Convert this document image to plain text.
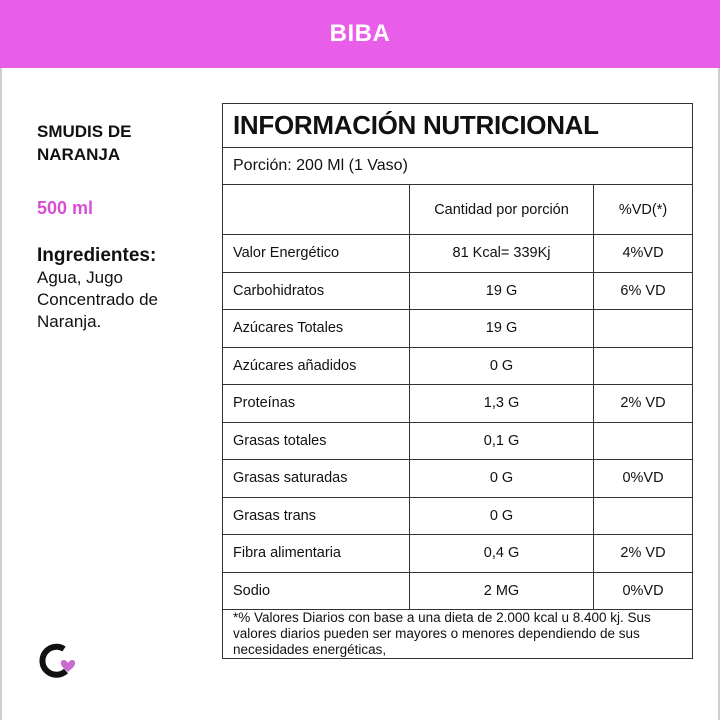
BIBA
SMUDIS DE
NARANJA
500 ml
Ingredientes:
Agua, Jugo Concentrado de Naranja.
INFORMACIÓN NUTRICIONAL		
Porción: 200 Ml (1 Vaso)		
	Cantidad por porción	%VD(*)
Valor Energético	81 Kcal= 339Kj	4%VD
Carbohidratos	19 G	6% VD
Azúcares Totales	19 G	
Azúcares añadidos	0 G	
Proteínas	1,3 G	2% VD
Grasas totales	0,1 G	
Grasas saturadas	0 G	0%VD
Grasas trans	0 G	
Fibra alimentaria	0,4 G	2% VD
Sodio	2 MG	0%VD
*% Valores Diarios con base a una dieta de 2.000 kcal u 8.400 kj. Sus valores diarios pueden ser mayores o menores dependiendo de sus necesidades energéticas,		
